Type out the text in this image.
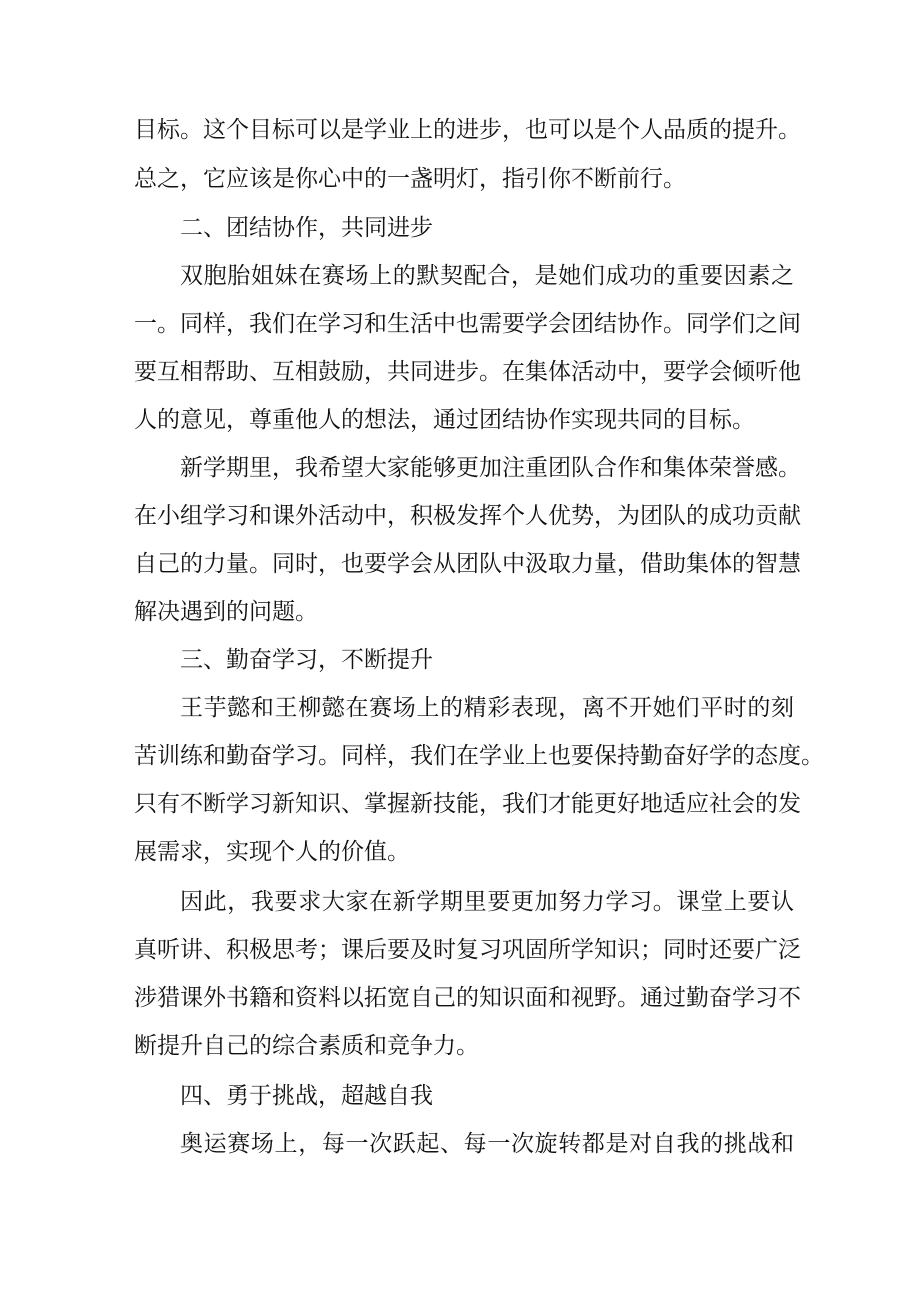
目标。这个目标可以是学业上的进步，也可以是个人品质的提升。
总之，它应该是你心中的一盏明灯，指引你不断前行。
二、团结协作，共同进步
双胞胎姐妹在赛场上的默契配合，是她们成功的重要因素之
一。同样，我们在学习和生活中也需要学会团结协作。同学们之间
要互相帮助、互相鼓励，共同进步。在集体活动中，要学会倾听他
人的意见，尊重他人的想法，通过团结协作实现共同的目标。
新学期里，我希望大家能够更加注重团队合作和集体荣誉感。
在小组学习和课外活动中，积极发挥个人优势，为团队的成功贡献
自己的力量。同时，也要学会从团队中汲取力量，借助集体的智慧
解决遇到的问题。
三、勤奋学习，不断提升
王芋懿和王柳懿在赛场上的精彩表现，离不开她们平时的刻
苦训练和勤奋学习。同样，我们在学业上也要保持勤奋好学的态度。
只有不断学习新知识、掌握新技能，我们才能更好地适应社会的发
展需求，实现个人的价值。
因此，我要求大家在新学期里要更加努力学习。课堂上要认
真听讲、积极思考；课后要及时复习巩固所学知识；同时还要广泛
涉猎课外书籍和资料以拓宽自己的知识面和视野。通过勤奋学习不
断提升自己的综合素质和竞争力。
四、勇于挑战，超越自我
奥运赛场上，每一次跃起、每一次旋转都是对自我的挑战和
